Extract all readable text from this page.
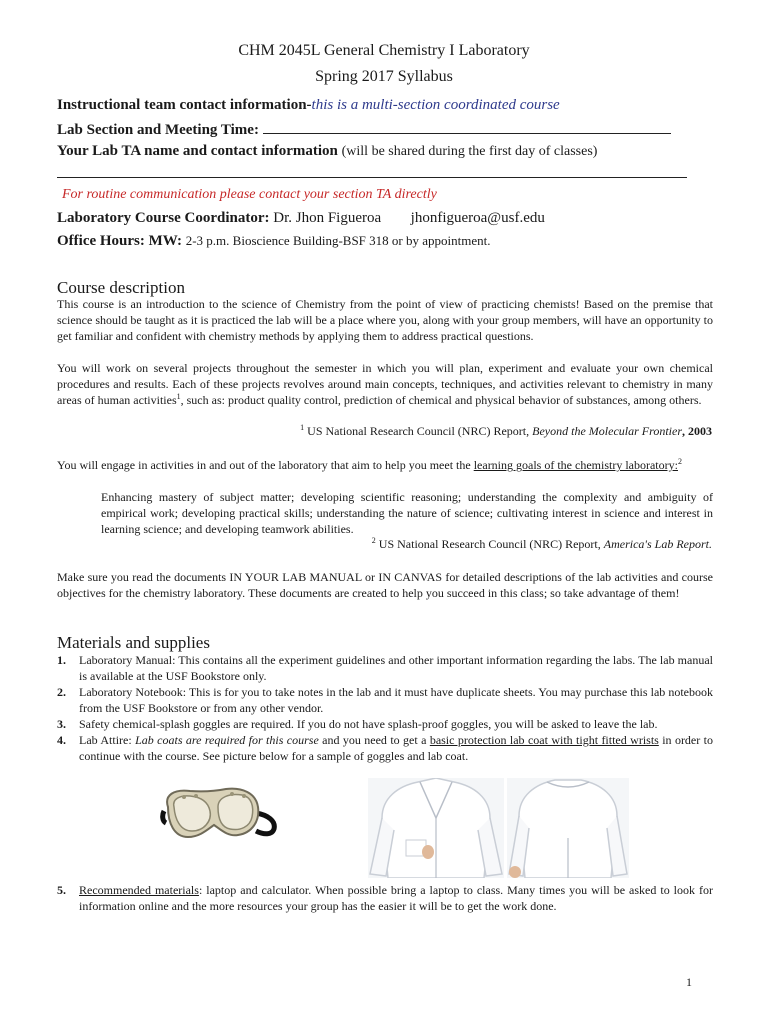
CHM 2045L General Chemistry I Laboratory
Spring 2017 Syllabus
Instructional team contact information-this is a multi-section coordinated course
Lab Section and Meeting Time:
Your Lab TA name and contact information (will be shared during the first day of classes)
For routine communication please contact your section TA directly
Laboratory Course Coordinator: Dr. Jhon Figueroa jhonfigueroa@usf.edu
Office Hours: MW: 2-3 p.m. Bioscience Building-BSF 318 or by appointment.
Course description
This course is an introduction to the science of Chemistry from the point of view of practicing chemists! Based on the premise that science should be taught as it is practiced the lab will be a place where you, along with your group members, will have an opportunity to get familiar and confident with chemistry methods by applying them to address practical questions.
You will work on several projects throughout the semester in which you will plan, experiment and evaluate your own chemical procedures and results. Each of these projects revolves around main concepts, techniques, and activities relevant to chemistry in many areas of human activities$^1$, such as: product quality control, prediction of chemical and physical behavior of substances, among others.
$^1$ US National Research Council (NRC) Report, Beyond the Molecular Frontier, 2003
You will engage in activities in and out of the laboratory that aim to help you meet the learning goals of the chemistry laboratory:$^2$
Enhancing mastery of subject matter; developing scientific reasoning; understanding the complexity and ambiguity of empirical work; developing practical skills; understanding the nature of science; cultivating interest in science and interest in learning science; and developing teamwork abilities.
$^2$ US National Research Council (NRC) Report, America's Lab Report.
Make sure you read the documents IN YOUR LAB MANUAL or IN CANVAS for detailed descriptions of the lab activities and course objectives for the chemistry laboratory. These documents are created to help you succeed in this class; so take advantage of them!
Materials and supplies
1. Laboratory Manual: This contains all the experiment guidelines and other important information regarding the labs. The lab manual is available at the USF Bookstore only.
2. Laboratory Notebook: This is for you to take notes in the lab and it must have duplicate sheets. You may purchase this lab notebook from the USF Bookstore or from any other vendor.
3. Safety chemical-splash goggles are required. If you do not have splash-proof goggles, you will be asked to leave the lab.
4. Lab Attire: Lab coats are required for this course and you need to get a basic protection lab coat with tight fitted wrists in order to continue with the course. See picture below for a sample of goggles and lab coat.
5. Recommended materials: laptop and calculator. When possible bring a laptop to class. Many times you will be asked to look for information online and the more resources your group has the easier it will be to get the work done.
1
